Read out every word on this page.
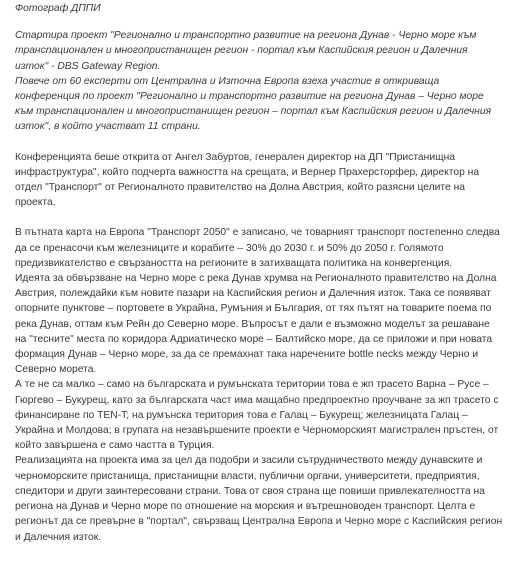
Фотограф ДППИ

Стартира проект "Регионално и транспортно развитие на региона Дунав - Черно море към трансnационален и многопристанищен регион - портал към Каспийския регион и Далечния изток" - DBS Gateway Region.

Повече от 60 експерти от Централна и Източна Европа взеха участие в откриваща конференция по проект "Регионално и транспортно развитие на региона Дунав – Черно море към трансnационален и многопристанищен регион – портал към Каспийския регион и Далечния изток", в който участват 11 страни.

Конференцията беше открита от Ангел Забуртов, генералeн директор на ДП "Пристанищна инфраструктура", който подчерта важността на срещата, и Вернер Прахерсторфер, директор на отдел "Транспорт" от Регионалното правителство на Долна Австрия, който разясни целите на проекта.

В пътната карта на Европа "Транспорт 2050" е записано, че товарният транспорт постепенно следва да се пренасочи към железниците и корабите – 30% до 2030 г. и 50% до 2050 г. Голямото предизвикателство е свързаността на регионите в затихващата политика на конвергенция.

Идеята за обвързване на Черно море с река Дунав хрумва на Регионалното правителство на Долна Австрия, полеждайки към новите пазари на Каспийския регион и Далечния изток. Така се появяват опорните пунктове – портовете в Украйна, Румъния и България, от тях пътят на товарите поема по река Дунав, оттам към Рейн до Северно море. Въпросът е дали е възможно моделът за решаване на "тесните" места по коридора Адриатическо море – Балтийско море, да се приложи и при новата формация Дунав – Черно море, за да се премахнат така наречените bottle necks между Черно и Северно морета.

А те не са малко – само на българската и румънската територии това е жп трасето Варна – Русе – Гюргево – Букурещ, като за българската част има мащабно предпроектно проучване за жп трасето с финансиране по TEN-T; на румънска територия това е Галац – Букурещ; железницата Галац – Украйна и Молдова; в групата на незавършените проекти е Черноморският магистрален пръстен, от който завършена е само частта в Турция.

Реализацията на проекта има за цел да подобри и засили сътрудничеството между дунавските и черноморските пристанища, пристанищни власти, публични органи, университети, предприятия, спедитори и други заинтересовани страни. Това от своя страна ще повиши привлекателността на региона на Дунав и Черно море по отношение на морския и вътрешноводен транспорт. Целта е регионът да се превърне в "портал", свързващ Централна Европа и Черно море с Каспийския регион и Далечния изток.
